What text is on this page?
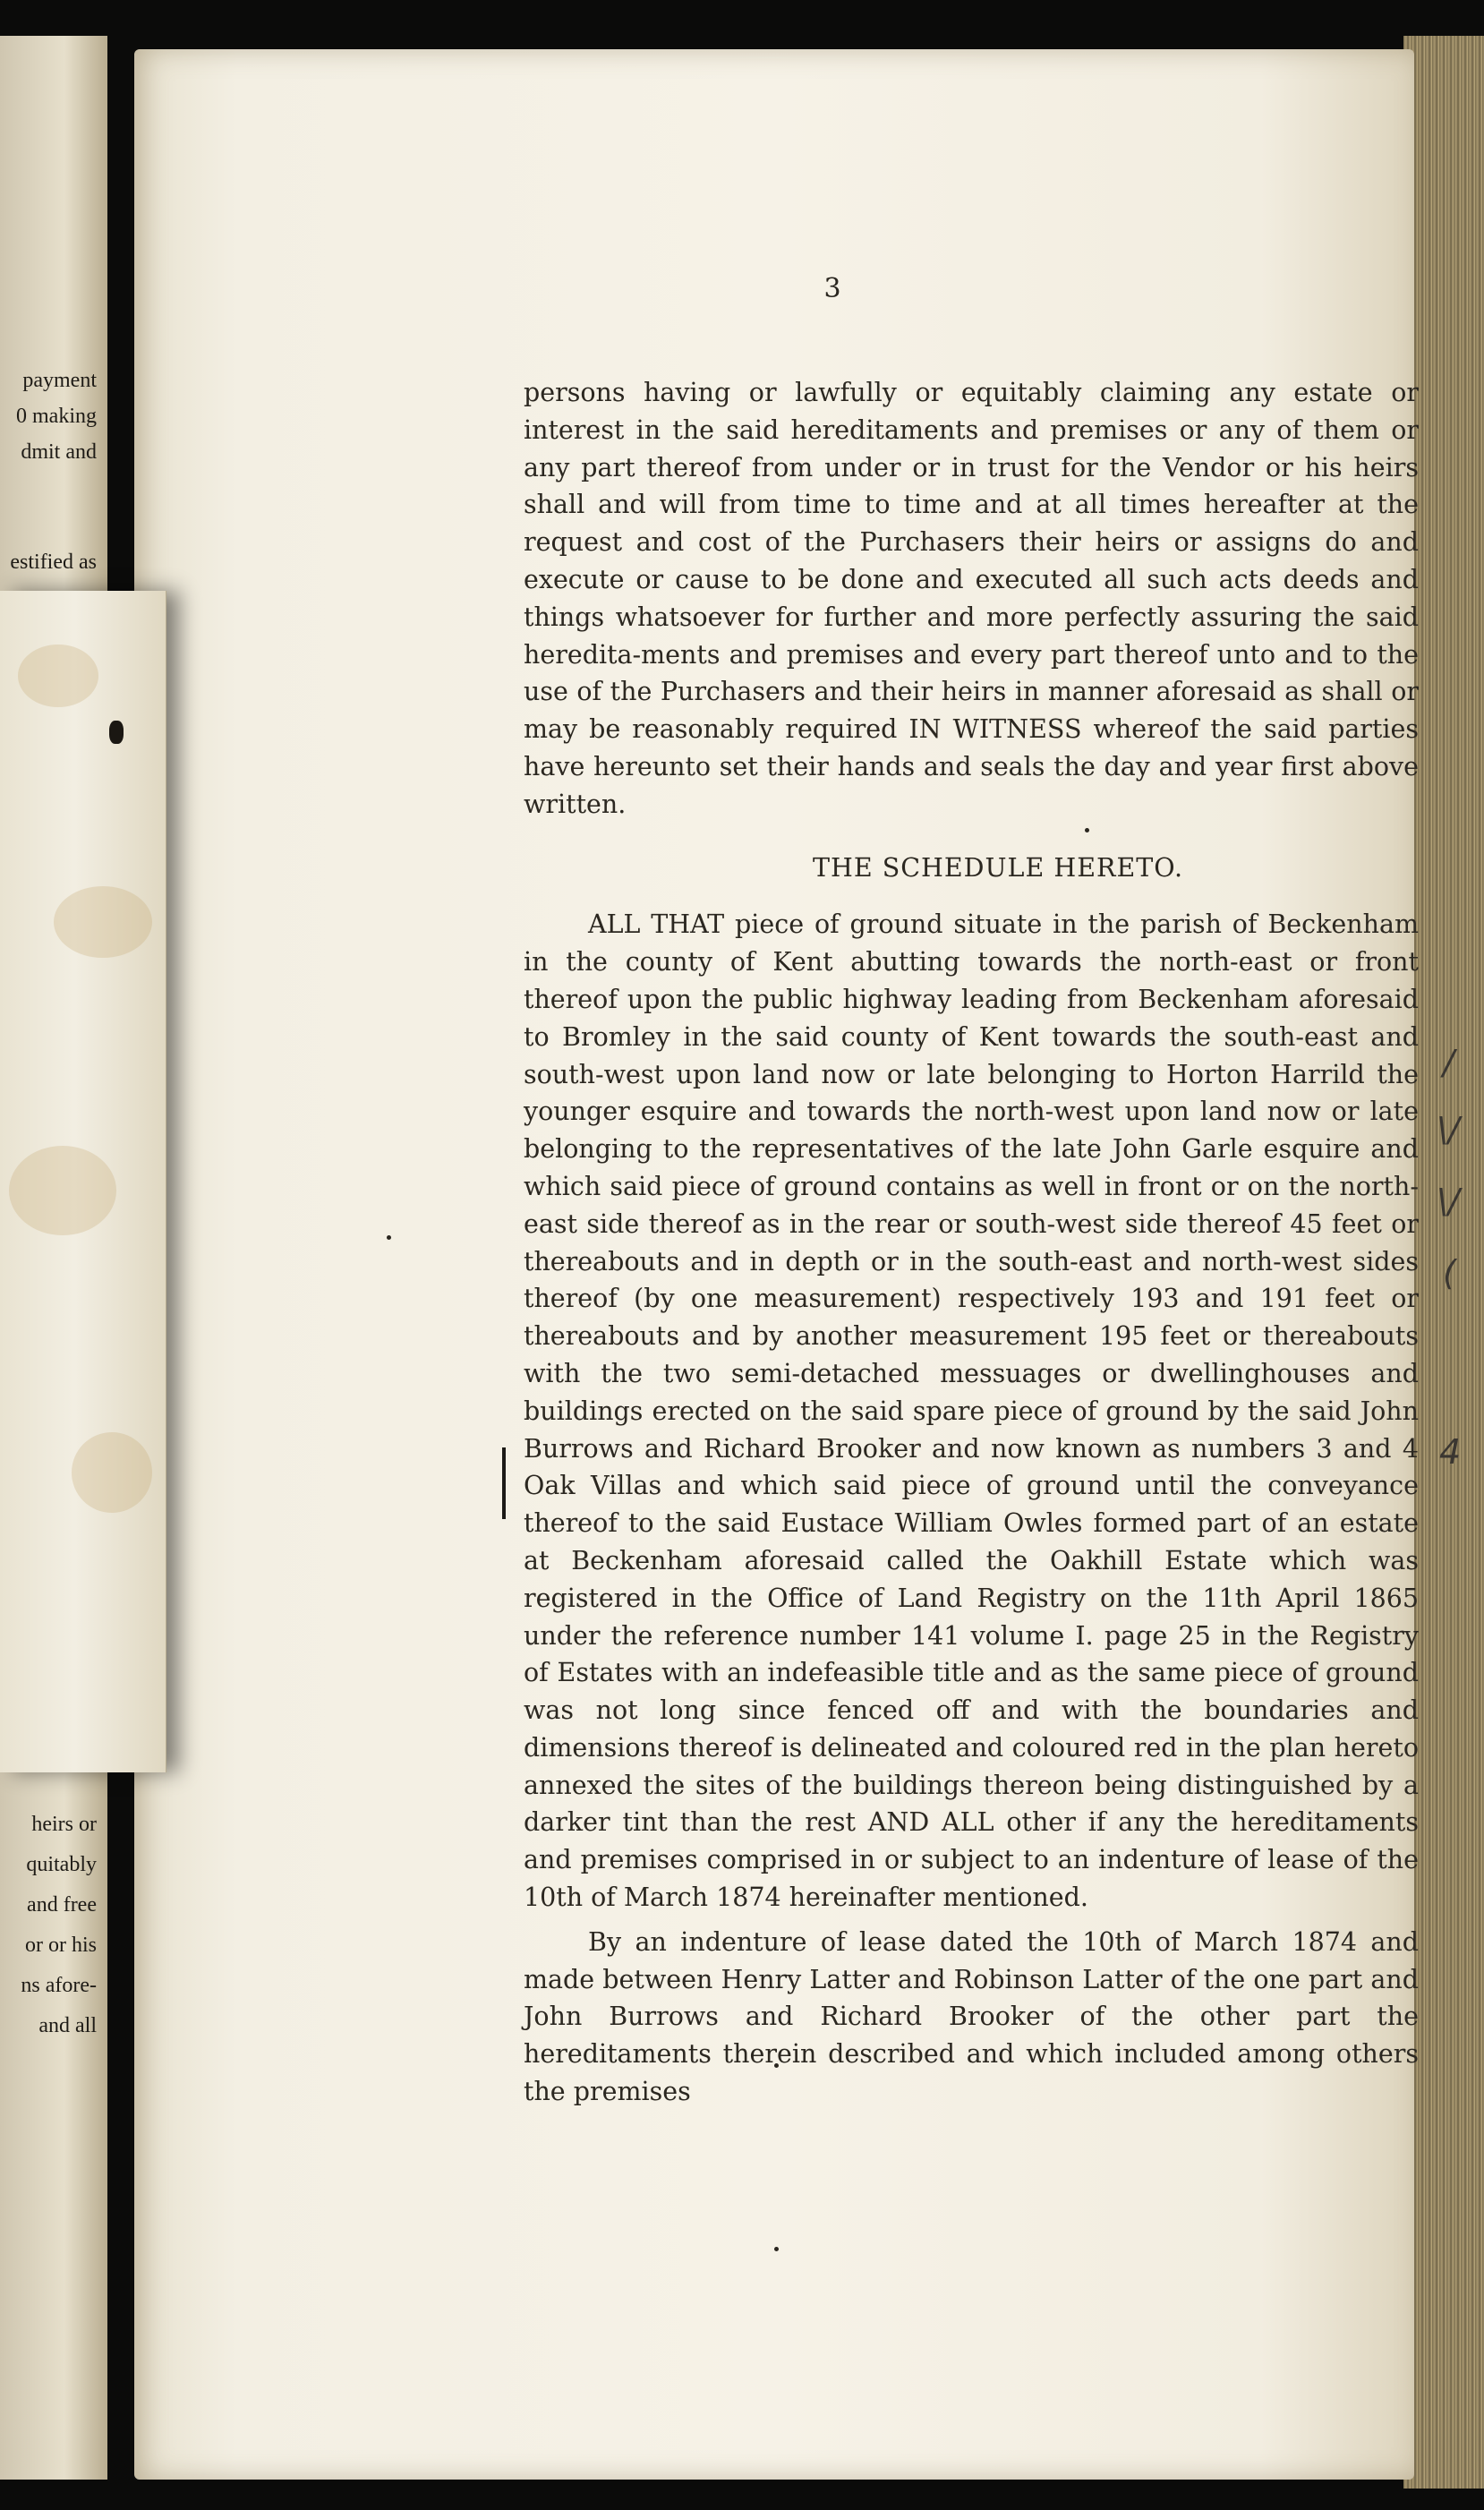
payment
0 making
dmit and
estified as
heirs or
quitably
and free
or or his
ns afore-
and all
3

persons having or lawfully or equitably claiming any estate or interest in the said hereditaments and premises or any of them or any part thereof from under or in trust for the Vendor or his heirs shall and will from time to time and at all times hereafter at the request and cost of the Purchasers their heirs or assigns do and execute or cause to be done and executed all such acts deeds and things whatsoever for further and more perfectly assuring the said heredita-ments and premises and every part thereof unto and to the use of the Purchasers and their heirs in manner aforesaid as shall or may be reasonably required IN WITNESS whereof the said parties have hereunto set their hands and seals the day and year first above written.

THE SCHEDULE HERETO.

ALL THAT piece of ground situate in the parish of Beckenham in the county of Kent abutting towards the north-east or front thereof upon the public highway leading from Beckenham aforesaid to Bromley in the said county of Kent towards the south-east and south-west upon land now or late belonging to Horton Harrild the younger esquire and towards the north-west upon land now or late belonging to the representatives of the late John Garle esquire and which said piece of ground contains as well in front or on the north-east side thereof as in the rear or south-west side thereof 45 feet or thereabouts and in depth or in the south-east and north-west sides thereof (by one measurement) respectively 193 and 191 feet or thereabouts and by another measurement 195 feet or thereabouts with the two semi-detached messuages or dwellinghouses and buildings erected on the said spare piece of ground by the said John Burrows and Richard Brooker and now known as numbers 3 and 4 Oak Villas and which said piece of ground until the conveyance thereof to the said Eustace William Owles formed part of an estate at Beckenham aforesaid called the Oakhill Estate which was registered in the Office of Land Registry on the 11th April 1865 under the reference number 141 volume I. page 25 in the Registry of Estates with an indefeasible title and as the same piece of ground was not long since fenced off and with the boundaries and dimensions thereof is delineated and coloured red in the plan hereto annexed the sites of the buildings thereon being distinguished by a darker tint than the rest AND ALL other if any the hereditaments and premises comprised in or subject to an indenture of lease of the 10th of March 1874 hereinafter mentioned.

By an indenture of lease dated the 10th of March 1874 and made between Henry Latter and Robinson Latter of the one part and John Burrows and Richard Brooker of the other part the hereditaments therein described and which included among others the premises

/
\/
\/
(
4
